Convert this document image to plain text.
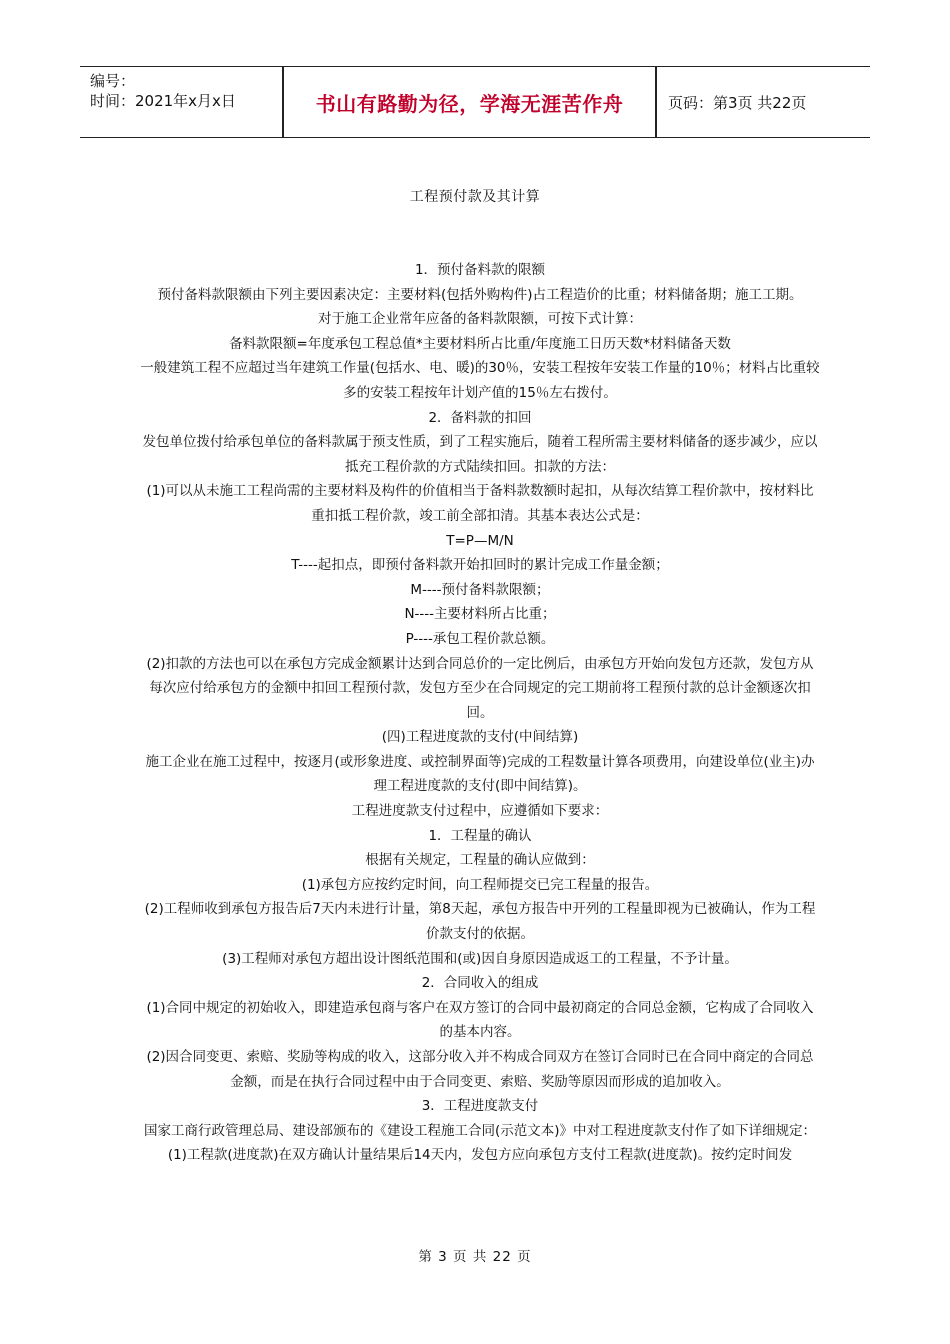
编号：
时间：2021年x月x日	书山有路勤为径，学海无涯苦作舟	页码：第3页 共22页
工程预付款及其计算

1．预付备料款的限额

预付备料款限额由下列主要因素决定：主要材料(包括外购构件)占工程造价的比重；材料储备期；施工工期。

对于施工企业常年应备的备料款限额，可按下式计算：

备料款限额=年度承包工程总值*主要材料所占比重/年度施工日历天数*材料储备天数

一般建筑工程不应超过当年建筑工作量(包括水、电、暖)的30％，安装工程按年安装工作量的10％；材料占比重较多的安装工程按年计划产值的15％左右拨付。

2．备料款的扣回

发包单位拨付给承包单位的备料款属于预支性质，到了工程实施后，随着工程所需主要材料储备的逐步减少，应以抵充工程价款的方式陆续扣回。扣款的方法：

(1)可以从未施工工程尚需的主要材料及构件的价值相当于备料款数额时起扣，从每次结算工程价款中，按材料比重扣抵工程价款，竣工前全部扣清。其基本表达公式是：

T=P—M/N

T----起扣点，即预付备料款开始扣回时的累计完成工作量金额；

M----预付备料款限额；

N----主要材料所占比重；

P----承包工程价款总额。

(2)扣款的方法也可以在承包方完成金额累计达到合同总价的一定比例后，由承包方开始向发包方还款，发包方从每次应付给承包方的金额中扣回工程预付款，发包方至少在合同规定的完工期前将工程预付款的总计金额逐次扣回。

(四)工程进度款的支付(中间结算)

施工企业在施工过程中，按逐月(或形象进度、或控制界面等)完成的工程数量计算各项费用，向建设单位(业主)办理工程进度款的支付(即中间结算)。

工程进度款支付过程中，应遵循如下要求：

1．工程量的确认

根据有关规定，工程量的确认应做到：

(1)承包方应按约定时间，向工程师提交已完工程量的报告。

(2)工程师收到承包方报告后7天内未进行计量，第8天起，承包方报告中开列的工程量即视为已被确认，作为工程价款支付的依据。

(3)工程师对承包方超出设计图纸范围和(或)因自身原因造成返工的工程量，不予计量。

2．合同收入的组成

(1)合同中规定的初始收入，即建造承包商与客户在双方签订的合同中最初商定的合同总金额，它构成了合同收入的基本内容。

(2)因合同变更、索赔、奖励等构成的收入，这部分收入并不构成合同双方在签订合同时已在合同中商定的合同总金额，而是在执行合同过程中由于合同变更、索赔、奖励等原因而形成的追加收入。

3．工程进度款支付

国家工商行政管理总局、建设部颁布的《建设工程施工合同(示范文本)》中对工程进度款支付作了如下详细规定：

(1)工程款(进度款)在双方确认计量结果后14天内，发包方应向承包方支付工程款(进度款)。按约定时间发

第 3 页 共 22 页
